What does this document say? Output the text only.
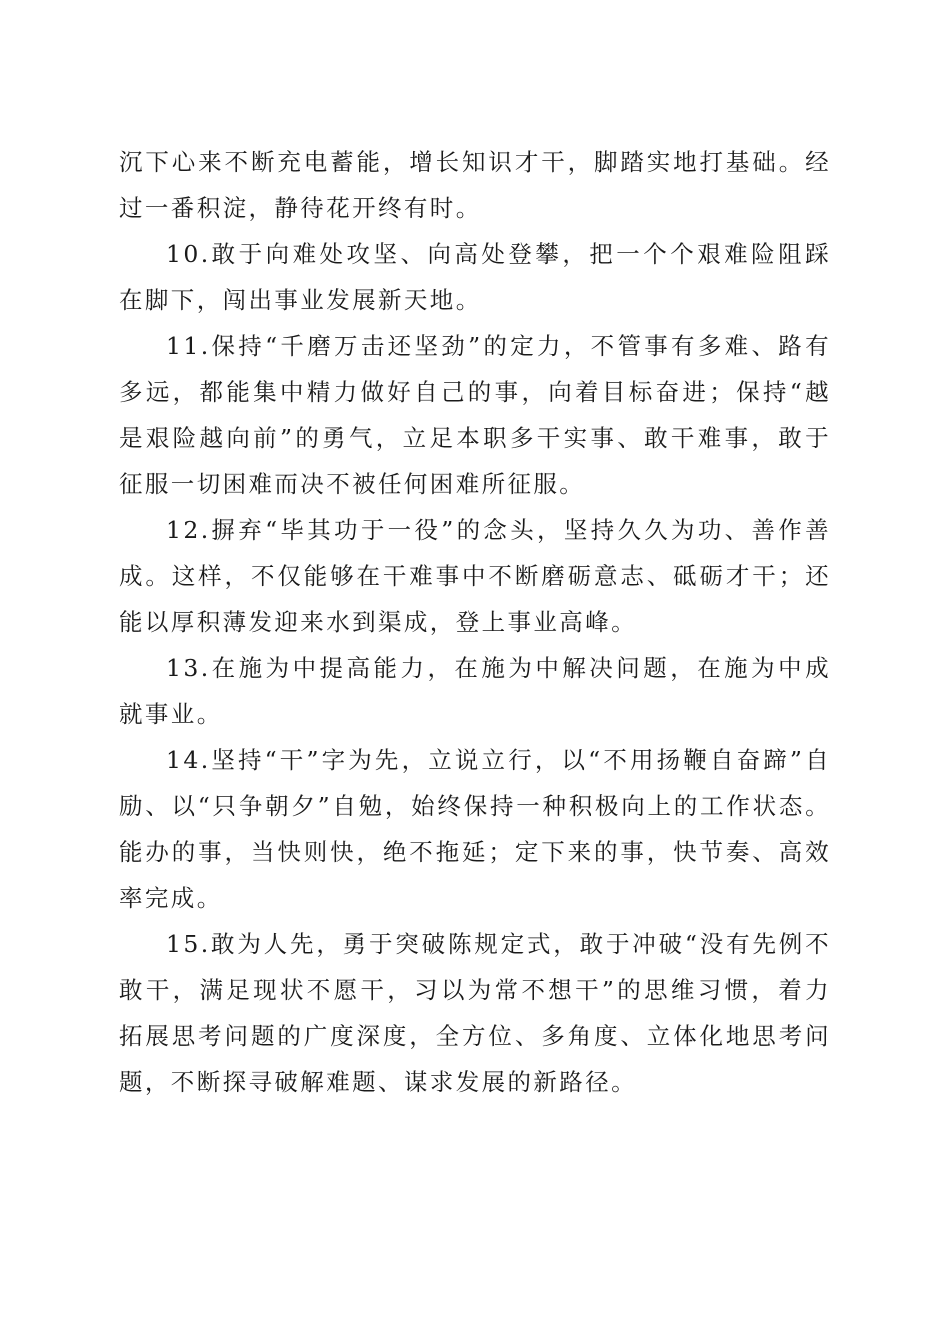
沉下心来不断充电蓄能，增长知识才干，脚踏实地打基础。经过一番积淀，静待花开终有时。

10.敢于向难处攻坚、向高处登攀，把一个个艰难险阻踩在脚下，闯出事业发展新天地。

11.保持“千磨万击还坚劲”的定力，不管事有多难、路有多远，都能集中精力做好自己的事，向着目标奋进；保持“越是艰险越向前”的勇气，立足本职多干实事、敢干难事，敢于征服一切困难而决不被任何困难所征服。

12.摒弃“毕其功于一役”的念头，坚持久久为功、善作善成。这样，不仅能够在干难事中不断磨砺意志、砥砺才干；还能以厚积薄发迎来水到渠成，登上事业高峰。

13.在施为中提高能力，在施为中解决问题，在施为中成就事业。

14.坚持“干”字为先，立说立行，以“不用扬鞭自奋蹄”自励、以“只争朝夕”自勉，始终保持一种积极向上的工作状态。能办的事，当快则快，绝不拖延；定下来的事，快节奏、高效率完成。

15.敢为人先，勇于突破陈规定式，敢于冲破“没有先例不敢干，满足现状不愿干，习以为常不想干”的思维习惯，着力拓展思考问题的广度深度，全方位、多角度、立体化地思考问题，不断探寻破解难题、谋求发展的新路径。
